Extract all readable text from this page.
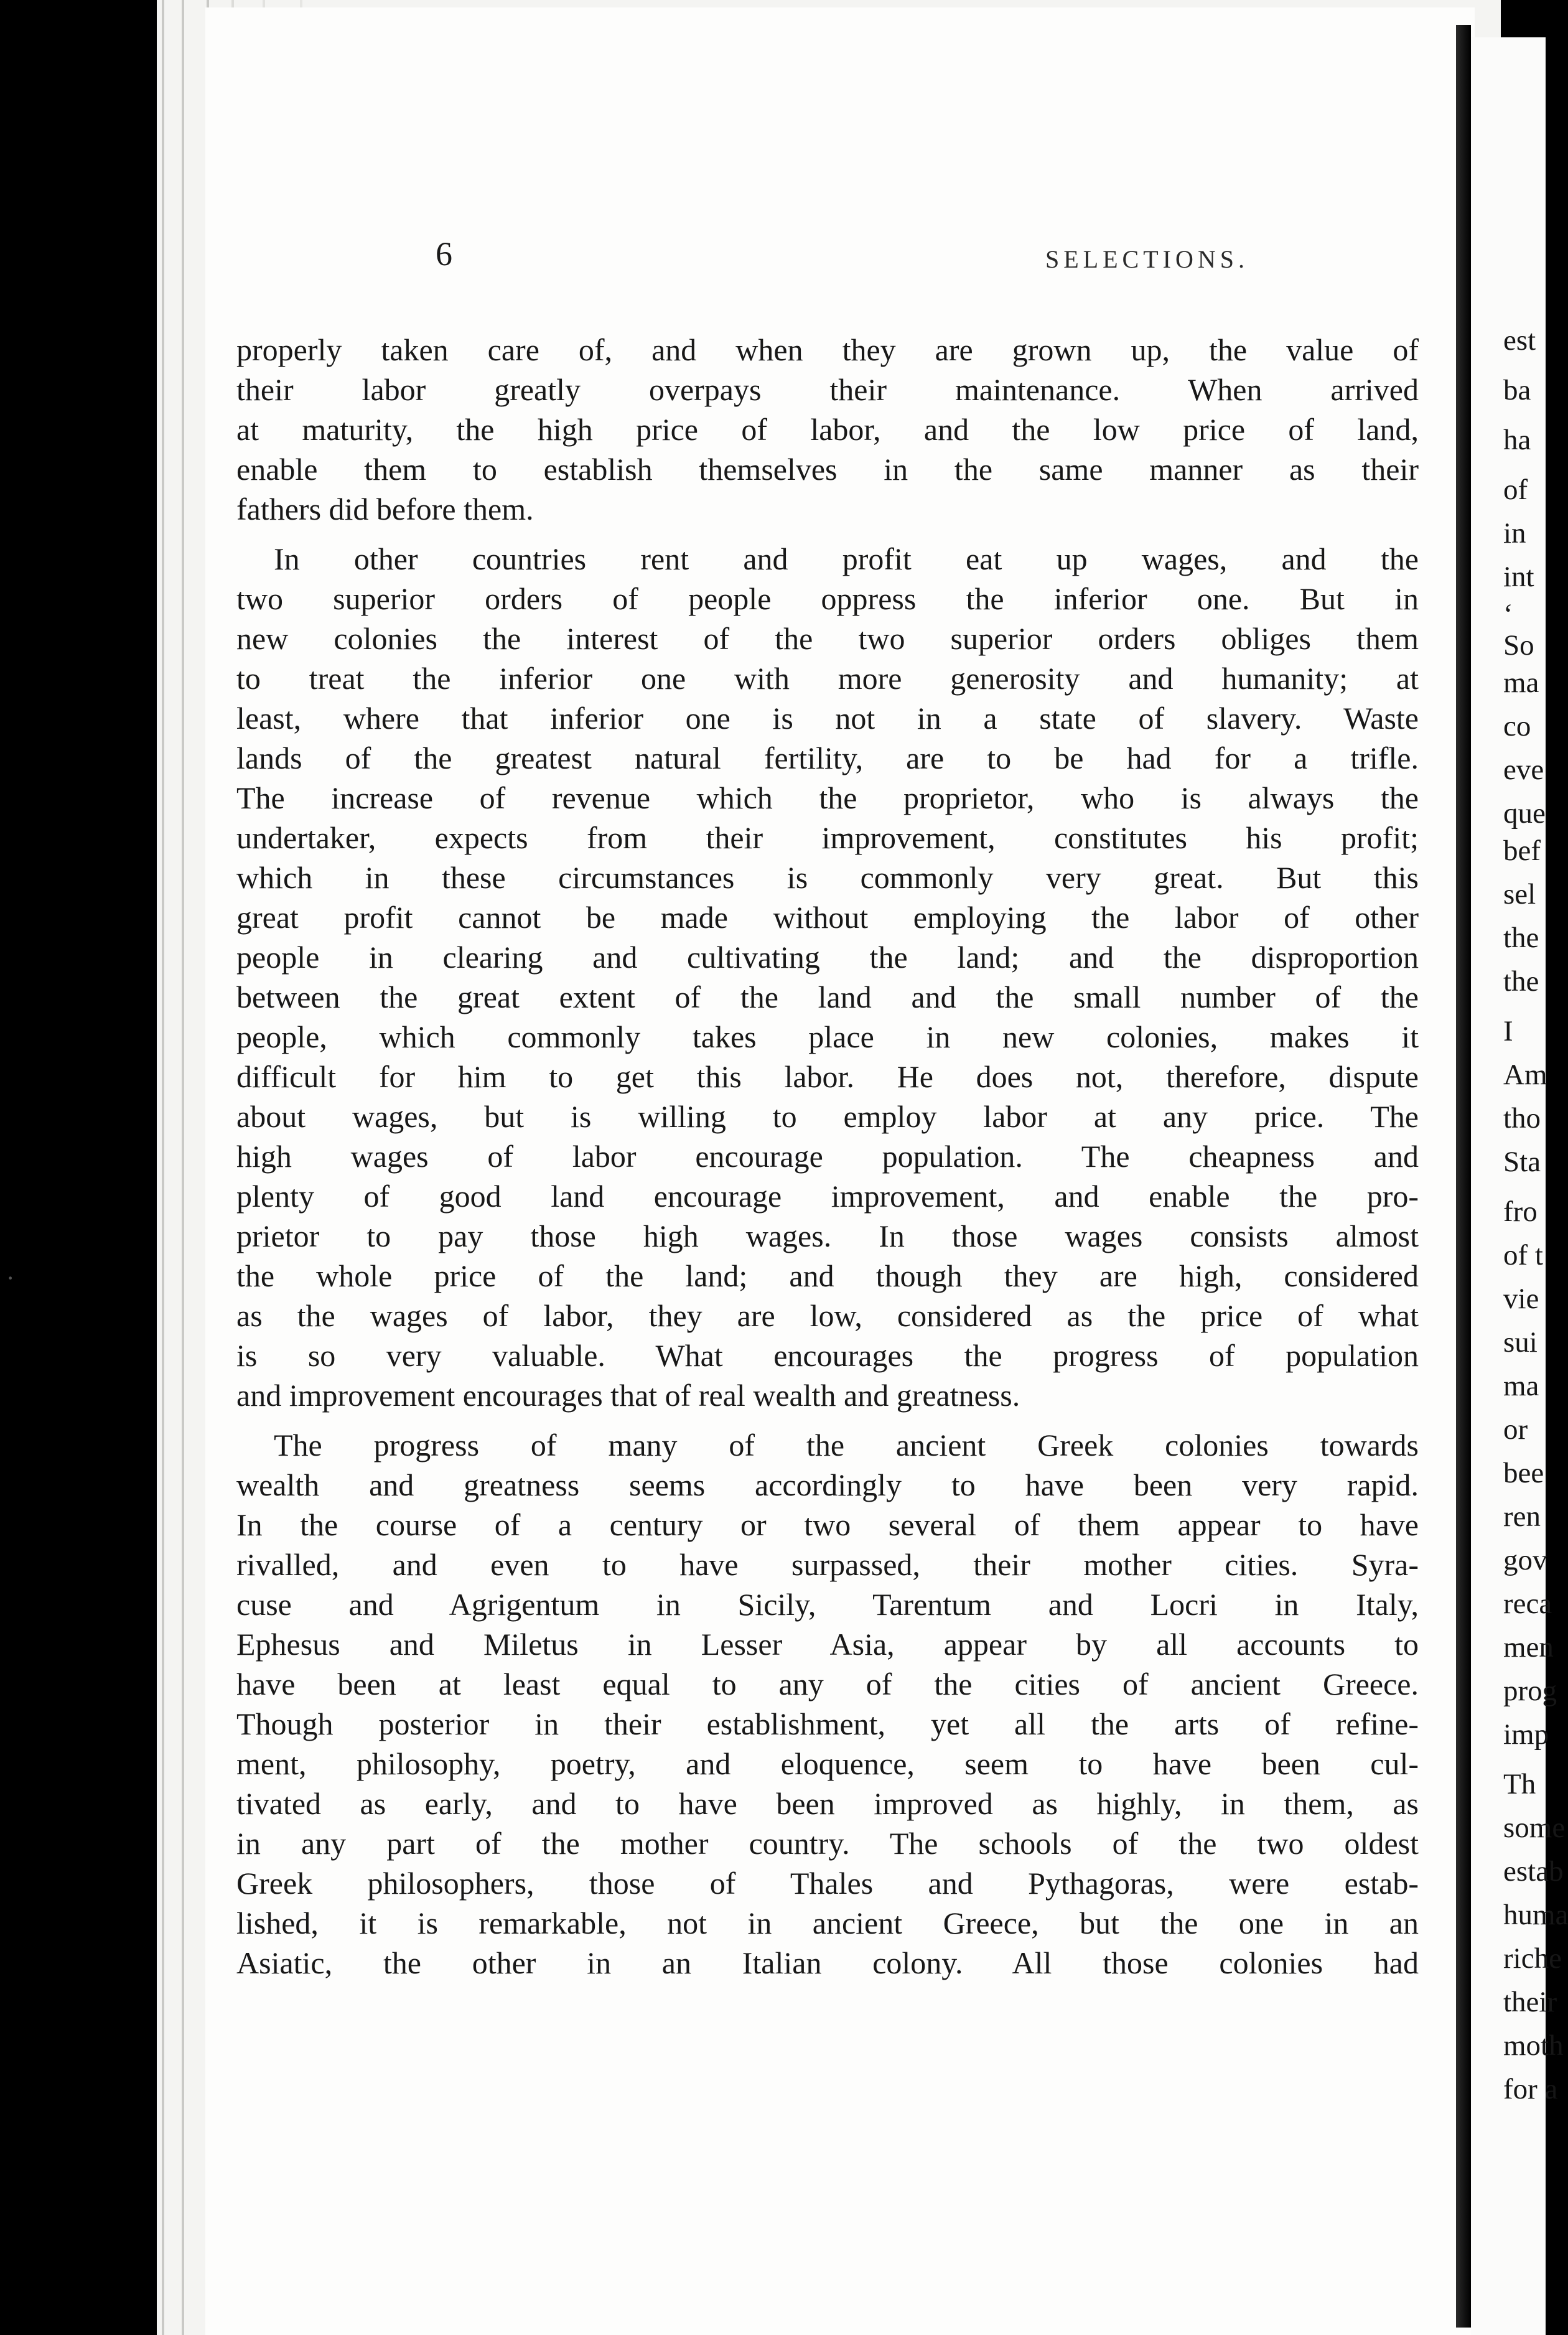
6	SELECTIONS.
properly taken care of, and when they are grown up, the value of
their labor greatly overpays their maintenance. When arrived
at maturity, the high price of labor, and the low price of land,
enable them to establish themselves in the same manner as their
fathers did before them.
In other countries rent and profit eat up wages, and the
two superior orders of people oppress the inferior one. But in
new colonies the interest of the two superior orders obliges them
to treat the inferior one with more generosity and humanity; at
least, where that inferior one is not in a state of slavery. Waste
lands of the greatest natural fertility, are to be had for a trifle.
The increase of revenue which the proprietor, who is always the
undertaker, expects from their improvement, constitutes his profit;
which in these circumstances is commonly very great. But this
great profit cannot be made without employing the labor of other
people in clearing and cultivating the land; and the disproportion
between the great extent of the land and the small number of the
people, which commonly takes place in new colonies, makes it
difficult for him to get this labor. He does not, therefore, dispute
about wages, but is willing to employ labor at any price. The
high wages of labor encourage population. The cheapness and
plenty of good land encourage improvement, and enable the pro-
prietor to pay those high wages. In those wages consists almost
the whole price of the land; and though they are high, considered
as the wages of labor, they are low, considered as the price of what
is so very valuable. What encourages the progress of population
and improvement encourages that of real wealth and greatness.
The progress of many of the ancient Greek colonies towards
wealth and greatness seems accordingly to have been very rapid.
In the course of a century or two several of them appear to have
rivalled, and even to have surpassed, their mother cities. Syra-
cuse and Agrigentum in Sicily, Tarentum and Locri in Italy,
Ephesus and Miletus in Lesser Asia, appear by all accounts to
have been at least equal to any of the cities of ancient Greece.
Though posterior in their establishment, yet all the arts of refine-
ment, philosophy, poetry, and eloquence, seem to have been cul-
tivated as early, and to have been improved as highly, in them, as
in any part of the mother country. The schools of the two oldest
Greek philosophers, those of Thales and Pythagoras, were estab-
lished, it is remarkable, not in ancient Greece, but the one in an
Asiatic, the other in an Italian colony. All those colonies had
est
ba
ha
of
in
int
‘
So
ma
co
eve
que
bef
sel
the
the
I
Am
tho
Sta
fro
of t
vie
sui
ma
or
bee
ren
gov
reca
men
prog
imp
Th
some
estab
huma
riche
their
moth
for a
·
